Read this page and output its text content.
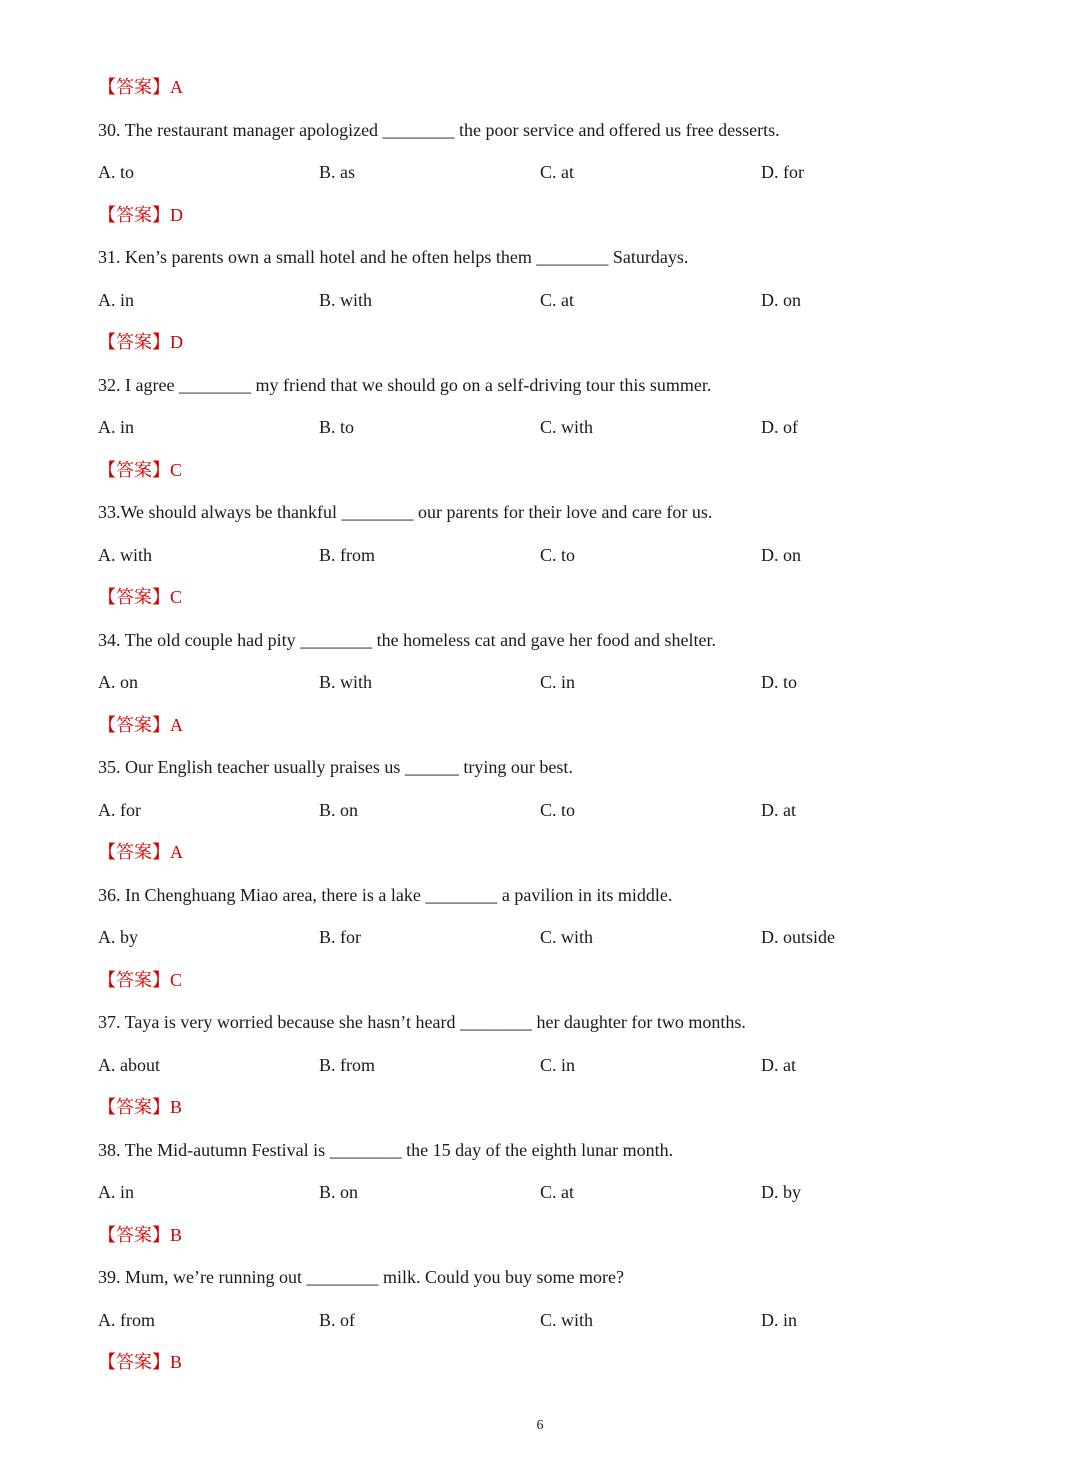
【答案】A
30. The restaurant manager apologized ________ the poor service and offered us free desserts.
A. to	B. as	C. at	D. for
【答案】D
31. Ken’s parents own a small hotel and he often helps them ________ Saturdays.
A. in	B. with	C. at	D. on
【答案】D
32. I agree ________ my friend that we should go on a self-driving tour this summer.
A. in	B. to	C. with	D. of
【答案】C
33.We should always be thankful ________ our parents for their love and care for us.
A. with	B. from	C. to	D. on
【答案】C
34. The old couple had pity ________ the homeless cat and gave her food and shelter.
A. on	B. with	C. in	D. to
【答案】A
35. Our English teacher usually praises us ______ trying our best.
A. for	B. on	C. to	D. at
【答案】A
36. In Chenghuang Miao area, there is a lake ________ a pavilion in its middle.
A. by	B. for	C. with	D. outside
【答案】C
37. Taya is very worried because she hasn’t heard ________ her daughter for two months.
A. about	B. from	C. in	D. at
【答案】B
38. The Mid-autumn Festival is ________ the 15 day of the eighth lunar month.
A. in	B. on	C. at	D. by
【答案】B
39. Mum, we’re running out ________ milk. Could you buy some more?
A. from	B. of	C. with	D. in
【答案】B
6
